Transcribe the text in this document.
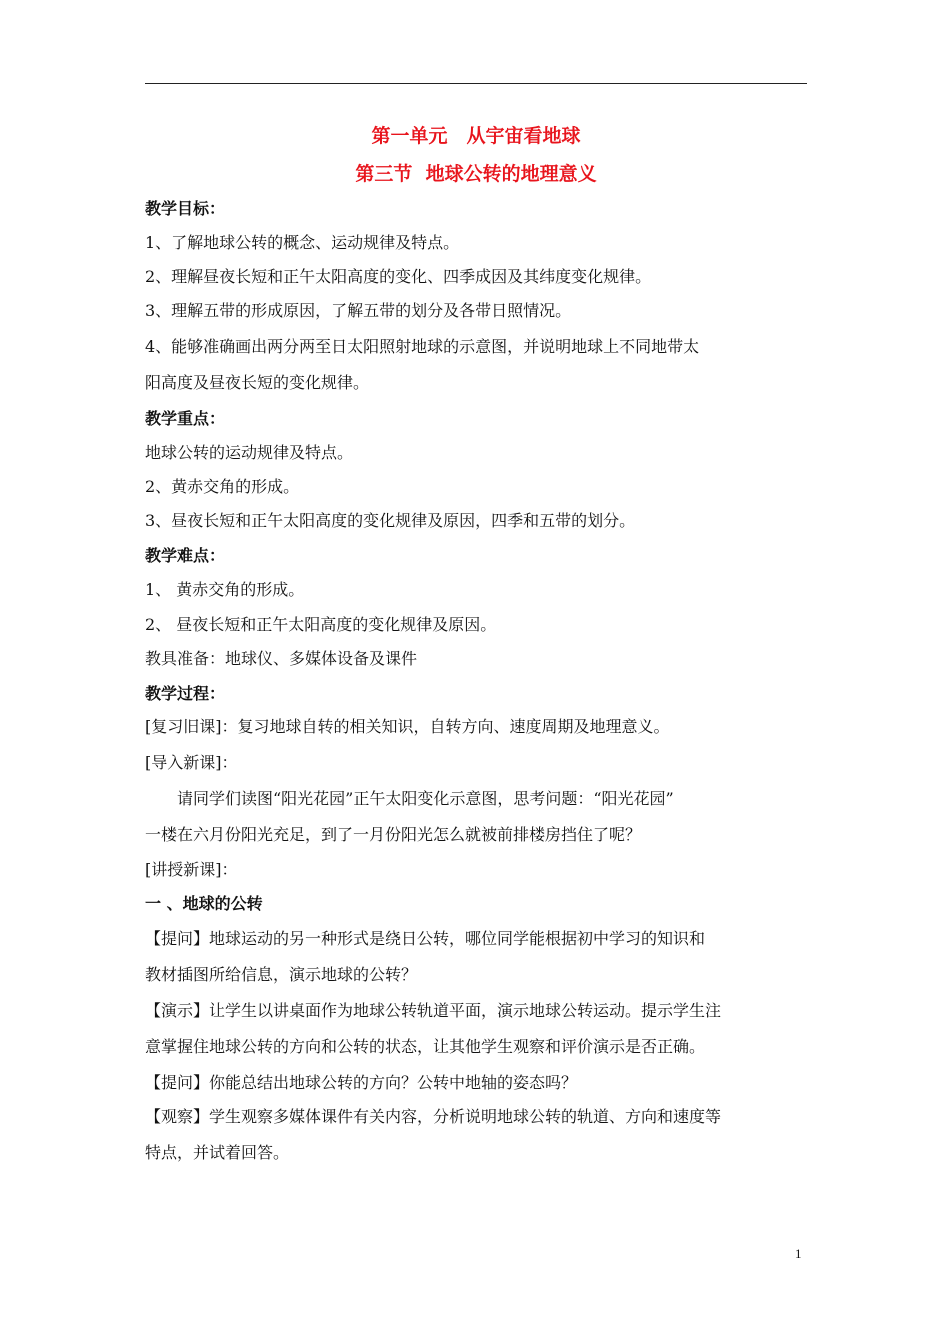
第一单元　从宇宙看地球
第三节  地球公转的地理意义
教学目标：
1、了解地球公转的概念、运动规律及特点。
2、理解昼夜长短和正午太阳高度的变化、四季成因及其纬度变化规律。
3、理解五带的形成原因，了解五带的划分及各带日照情况。
4、能够准确画出两分两至日太阳照射地球的示意图，并说明地球上不同地带太
阳高度及昼夜长短的变化规律。
教学重点：
地球公转的运动规律及特点。
2、黄赤交角的形成。
3、昼夜长短和正午太阳高度的变化规律及原因，四季和五带的划分。
教学难点：
1、 黄赤交角的形成。
2、 昼夜长短和正午太阳高度的变化规律及原因。
教具准备：地球仪、多媒体设备及课件
教学过程：
[复习旧课]：复习地球自转的相关知识，自转方向、速度周期及地理意义。
[导入新课]：
　　请同学们读图“阳光花园”正午太阳变化示意图，思考问题：“阳光花园”
一楼在六月份阳光充足，到了一月份阳光怎么就被前排楼房挡住了呢？
[讲授新课]：
一 、地球的公转
【提问】地球运动的另一种形式是绕日公转，哪位同学能根据初中学习的知识和
教材插图所给信息，演示地球的公转？
【演示】让学生以讲桌面作为地球公转轨道平面，演示地球公转运动。提示学生注
意掌握住地球公转的方向和公转的状态，让其他学生观察和评价演示是否正确。
【提问】你能总结出地球公转的方向？公转中地轴的姿态吗？
【观察】学生观察多媒体课件有关内容，分析说明地球公转的轨道、方向和速度等
特点，并试着回答。
1
